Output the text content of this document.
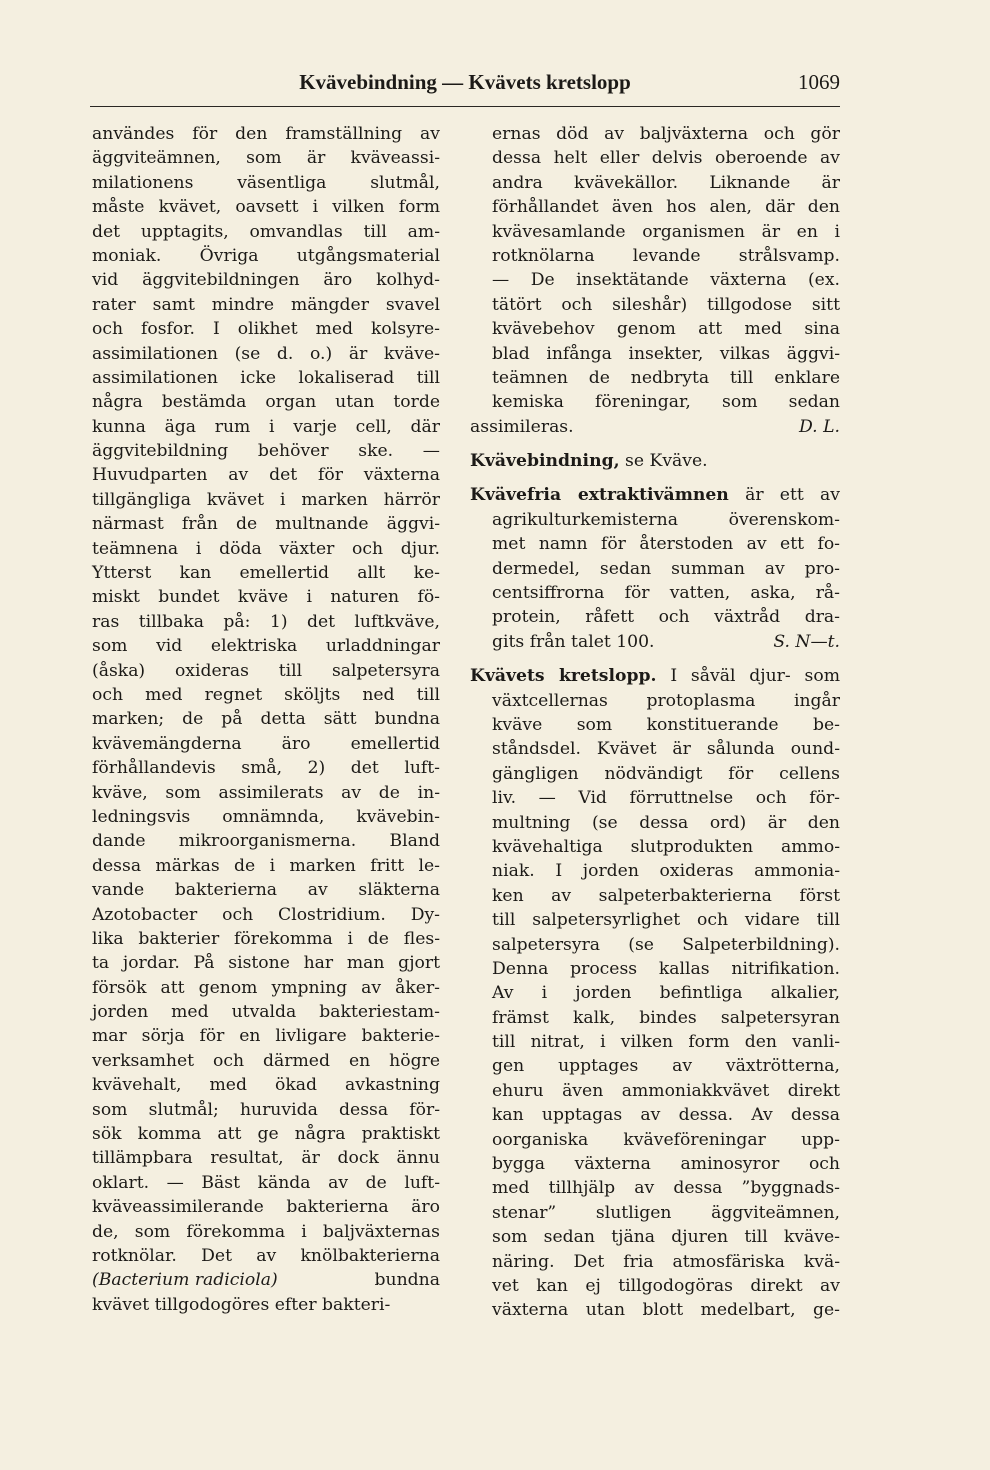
Kvävebindning — Kvävets kretslopp	1069
användes för den framställning av
äggviteämnen, som är kväveassi-
milationens väsentliga slutmål,
måste kvävet, oavsett i vilken form
det upptagits, omvandlas till am-
moniak. Övriga utgångsmaterial
vid äggvitebildningen äro kolhyd-
rater samt mindre mängder svavel
och fosfor. I olikhet med kolsyre-
assimilationen (se d. o.) är kväve-
assimilationen icke lokaliserad till
några bestämda organ utan torde
kunna äga rum i varje cell, där
äggvitebildning behöver ske. —
Huvudparten av det för växterna
tillgängliga kvävet i marken härrör
närmast från de multnande äggvi-
teämnena i döda växter och djur.
Ytterst kan emellertid allt ke-
miskt bundet kväve i naturen fö-
ras tillbaka på: 1) det luftkväve,
som vid elektriska urladdningar
(åska) oxideras till salpetersyra
och med regnet sköljts ned till
marken; de på detta sätt bundna
kvävemängderna äro emellertid
förhållandevis små, 2) det luft-
kväve, som assimilerats av de in-
ledningsvis omnämnda, kvävebin-
dande mikroorganismerna. Bland
dessa märkas de i marken fritt le-
vande bakterierna av släkterna
Azotobacter och Clostridium. Dy-
lika bakterier förekomma i de fles-
ta jordar. På sistone har man gjort
försök att genom ympning av åker-
jorden med utvalda bakteriestam-
mar sörja för en livligare bakterie-
verksamhet och därmed en högre
kvävehalt, med ökad avkastning
som slutmål; huruvida dessa för-
sök komma att ge några praktiskt
tillämpbara resultat, är dock ännu
oklart. — Bäst kända av de luft-
kväveassimilerande bakterierna äro
de, som förekomma i baljväxternas
rotknölar. Det av knölbakterierna
(Bacterium radiciola)	bundna
kvävet tillgodogöres efter bakteri-
ernas död av baljväxterna och gör
dessa helt eller delvis oberoende av
andra kvävekällor. Liknande är
förhållandet även hos alen, där den
kvävesamlande organismen är en i
rotknölarna levande strålsvamp.
— De insektätande växterna (ex.
tätört och sileshår) tillgodose sitt
kvävebehov genom att med sina
blad infånga insekter, vilkas äggvi-
teämnen de nedbryta till enklare
kemiska föreningar, som sedan
assimileras.	D. L.
Kvävebindning, se Kväve.
Kvävefria extraktivämnen är ett av
agrikulturkemisterna överenskom-
met namn för återstoden av ett fo-
dermedel, sedan summan av pro-
centsiffrorna för vatten, aska, rå-
protein, råfett och växtråd dra-
gits från talet 100.	S. N—t.
Kvävets kretslopp. I såväl djur- som
växtcellernas protoplasma ingår
kväve som konstituerande be-
ståndsdel. Kvävet är sålunda ound-
gängligen nödvändigt för cellens
liv. — Vid förruttnelse och för-
multning (se dessa ord) är den
kvävehaltiga slutprodukten ammo-
niak. I jorden oxideras ammonia-
ken av salpeterbakterierna först
till salpetersyrlighet och vidare till
salpetersyra (se Salpeterbildning).
Denna process kallas nitrifikation.
Av i jorden befintliga alkalier,
främst kalk, bindes salpetersyran
till nitrat, i vilken form den vanli-
gen upptages av växtrötterna,
ehuru även ammoniakkvävet direkt
kan upptagas av dessa. Av dessa
oorganiska kväveföreningar upp-
bygga växterna aminosyror och
med tillhjälp av dessa ”byggnads-
stenar” slutligen äggviteämnen,
som sedan tjäna djuren till kväve-
näring. Det fria atmosfäriska kvä-
vet kan ej tillgodogöras direkt av
växterna utan blott medelbart, ge-
